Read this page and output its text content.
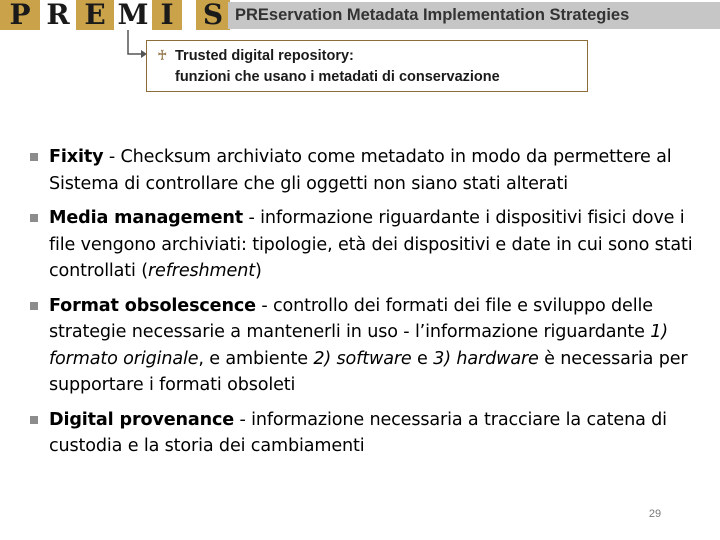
P R E M I	S PREservation Metadata Implementation Strategies
♰ Trusted digital repository:
funzioni che usano i metadati di conservazione
Fixity - Checksum archiviato come metadato in modo da permettere al Sistema di controllare che gli oggetti non siano stati alterati
Media management - informazione riguardante i dispositivi fisici dove i file vengono archiviati: tipologie, età dei dispositivi e date in cui sono stati controllati (refreshment)
Format obsolescence - controllo dei formati dei file e sviluppo delle strategie necessarie a mantenerli in uso - l’informazione riguardante 1) formato originale, e ambiente 2) software e 3) hardware è necessaria per supportare i formati obsoleti
Digital provenance - informazione necessaria a tracciare la catena di custodia e la storia dei cambiamenti
29
